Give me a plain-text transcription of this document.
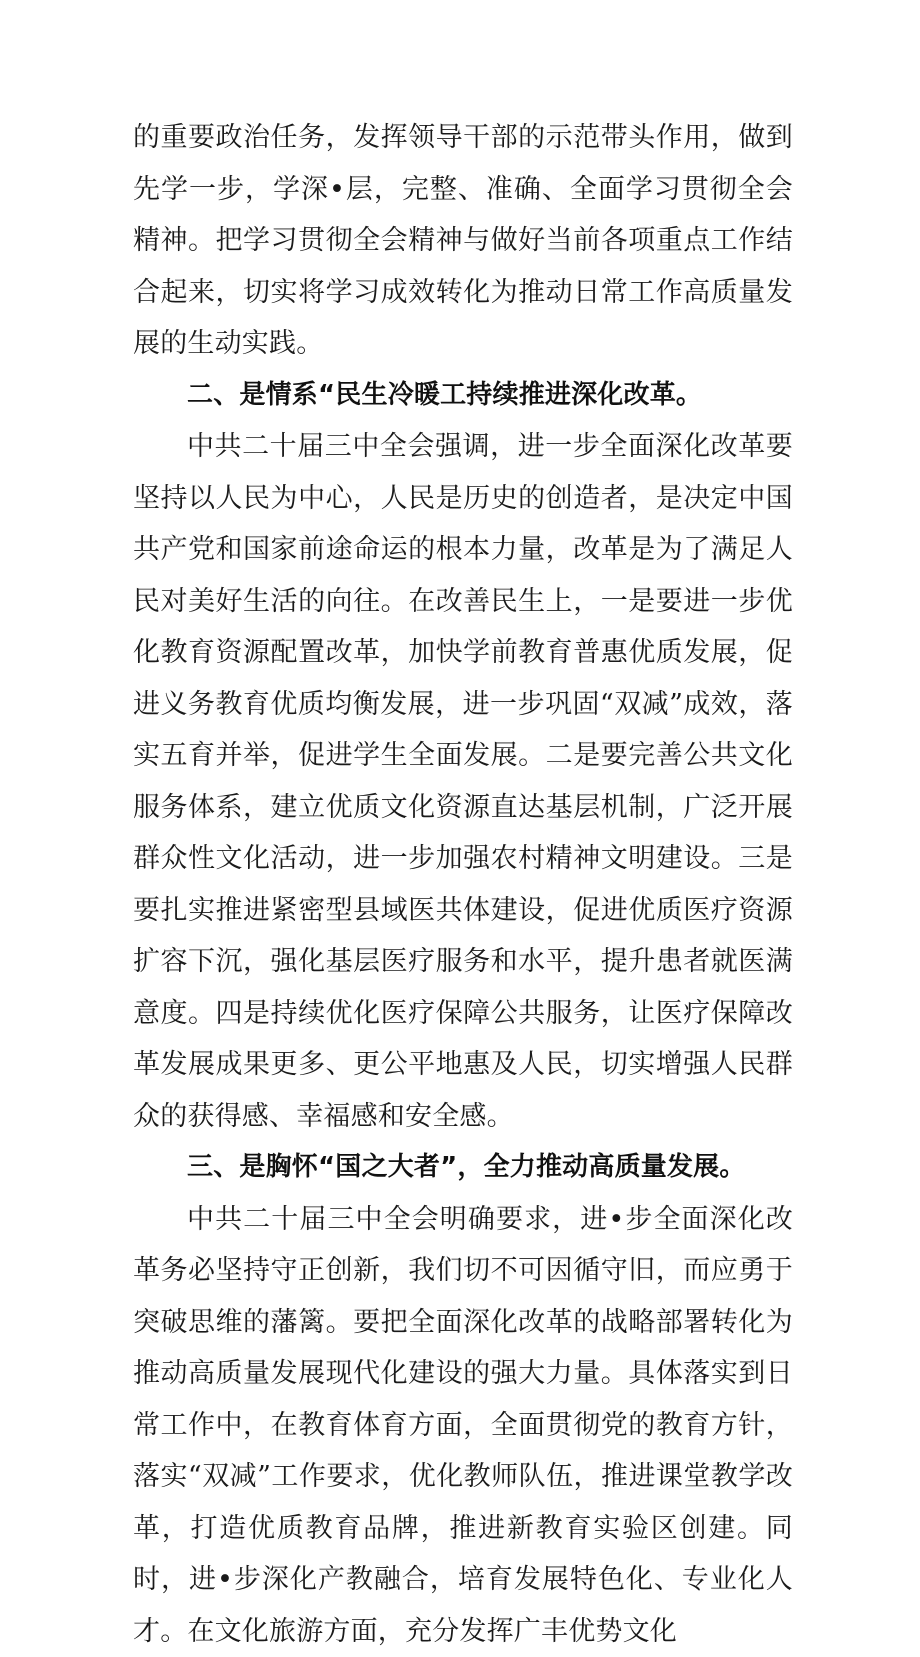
的重要政治任务，发挥领导干部的示范带头作用，做到先学一步，学深•层，完整、准确、全面学习贯彻全会精神。把学习贯彻全会精神与做好当前各项重点工作结合起来，切实将学习成效转化为推动日常工作高质量发展的生动实践。

二、是情系“民生冷暖工持续推进深化改革。

中共二十届三中全会强调，进一步全面深化改革要坚持以人民为中心，人民是历史的创造者，是决定中国共产党和国家前途命运的根本力量，改革是为了满足人民对美好生活的向往。在改善民生上，一是要进一步优化教育资源配置改革，加快学前教育普惠优质发展，促进义务教育优质均衡发展，进一步巩固“双减”成效，落实五育并举，促进学生全面发展。二是要完善公共文化服务体系，建立优质文化资源直达基层机制，广泛开展群众性文化活动，进一步加强农村精神文明建设。三是要扎实推进紧密型县域医共体建设，促进优质医疗资源扩容下沉，强化基层医疗服务和水平，提升患者就医满意度。四是持续优化医疗保障公共服务，让医疗保障改革发展成果更多、更公平地惠及人民，切实增强人民群众的获得感、幸福感和安全感。

三、是胸怀“国之大者”，全力推动高质量发展。

中共二十届三中全会明确要求，进•步全面深化改革务必坚持守正创新，我们切不可因循守旧，而应勇于突破思维的藩篱。要把全面深化改革的战略部署转化为推动高质量发展现代化建设的强大力量。具体落实到日常工作中，在教育体育方面，全面贯彻党的教育方针，落实“双减”工作要求，优化教师队伍，推进课堂教学改革，打造优质教育品牌，推进新教育实验区创建。同时，进•步深化产教融合，培育发展特色化、专业化人才。在文化旅游方面，充分发挥广丰优势文化
